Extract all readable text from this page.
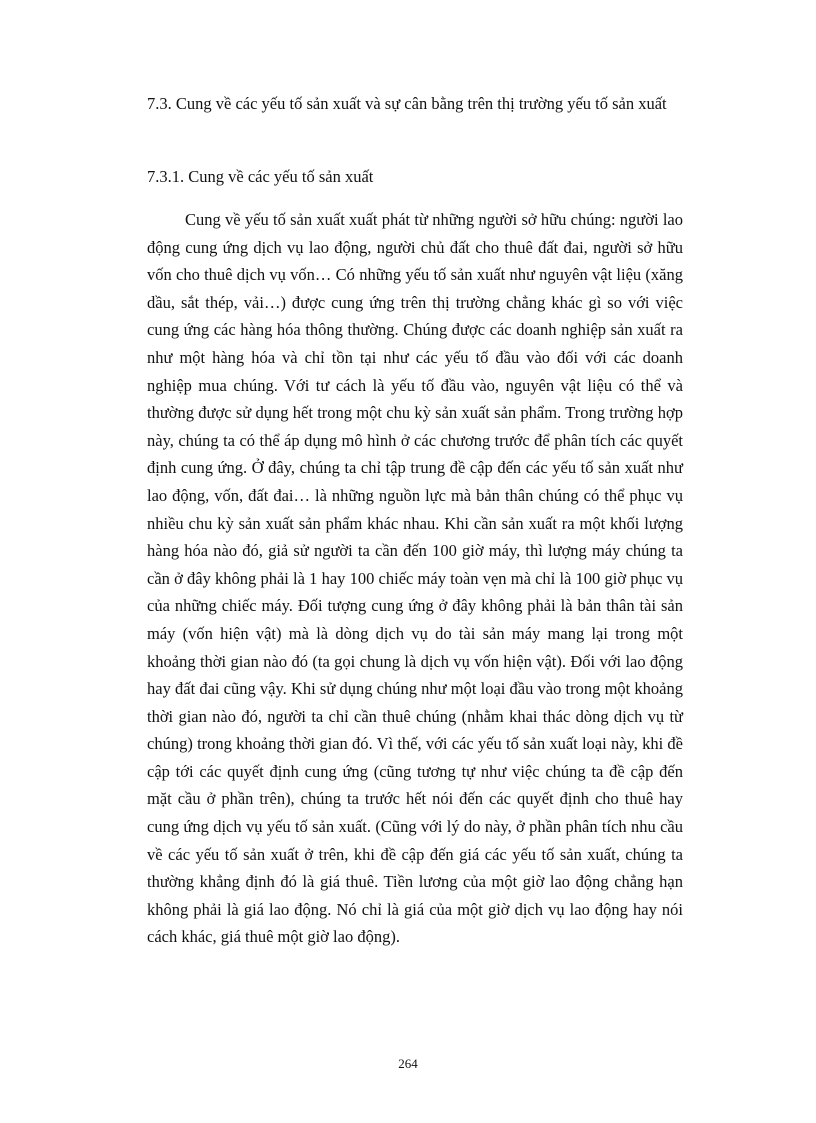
7.3. Cung về các yếu tố sản xuất và sự cân bằng trên thị trường yếu tố sản xuất
7.3.1. Cung về các yếu tố sản xuất

Cung về yếu tố sản xuất xuất phát từ những người sở hữu chúng: người lao động cung ứng dịch vụ lao động, người chủ đất cho thuê đất đai, người sở hữu vốn cho thuê dịch vụ vốn… Có những yếu tố sản xuất như nguyên vật liệu (xăng dầu, sắt thép, vải…) được cung ứng trên thị trường chẳng khác gì so với việc cung ứng các hàng hóa thông thường. Chúng được các doanh nghiệp sản xuất ra như một hàng hóa và chỉ tồn tại như các yếu tố đầu vào đối với các doanh nghiệp mua chúng. Với tư cách là yếu tố đầu vào, nguyên vật liệu có thể và thường được sử dụng hết trong một chu kỳ sản xuất sản phẩm. Trong trường hợp này, chúng ta có thể áp dụng mô hình ở các chương trước để phân tích các quyết định cung ứng. Ở đây, chúng ta chỉ tập trung đề cập đến các yếu tố sản xuất như lao động, vốn, đất đai… là những nguồn lực mà bản thân chúng có thể phục vụ nhiều chu kỳ sản xuất sản phẩm khác nhau. Khi cần sản xuất ra một khối lượng hàng hóa nào đó, giả sử người ta cần đến 100 giờ máy, thì lượng máy chúng ta cần ở đây không phải là 1 hay 100 chiếc máy toàn vẹn mà chỉ là 100 giờ phục vụ của những chiếc máy. Đối tượng cung ứng ở đây không phải là bản thân tài sản máy (vốn hiện vật) mà là dòng dịch vụ do tài sản máy mang lại trong một khoảng thời gian nào đó (ta gọi chung là dịch vụ vốn hiện vật). Đối với lao động hay đất đai cũng vậy. Khi sử dụng chúng như một loại đầu vào trong một khoảng thời gian nào đó, người ta chỉ cần thuê chúng (nhằm khai thác dòng dịch vụ từ chúng) trong khoảng thời gian đó. Vì thế, với các yếu tố sản xuất loại này, khi đề cập tới các quyết định cung ứng (cũng tương tự như việc chúng ta đề cập đến mặt cầu ở phần trên), chúng ta trước hết nói đến các quyết định cho thuê hay cung ứng dịch vụ yếu tố sản xuất. (Cũng với lý do này, ở phần phân tích nhu cầu về các yếu tố sản xuất ở trên, khi đề cập đến giá các yếu tố sản xuất, chúng ta thường khẳng định đó là giá thuê. Tiền lương của một giờ lao động chẳng hạn không phải là giá lao động. Nó chỉ là giá của một giờ dịch vụ lao động hay nói cách khác, giá thuê một giờ lao động).

264
